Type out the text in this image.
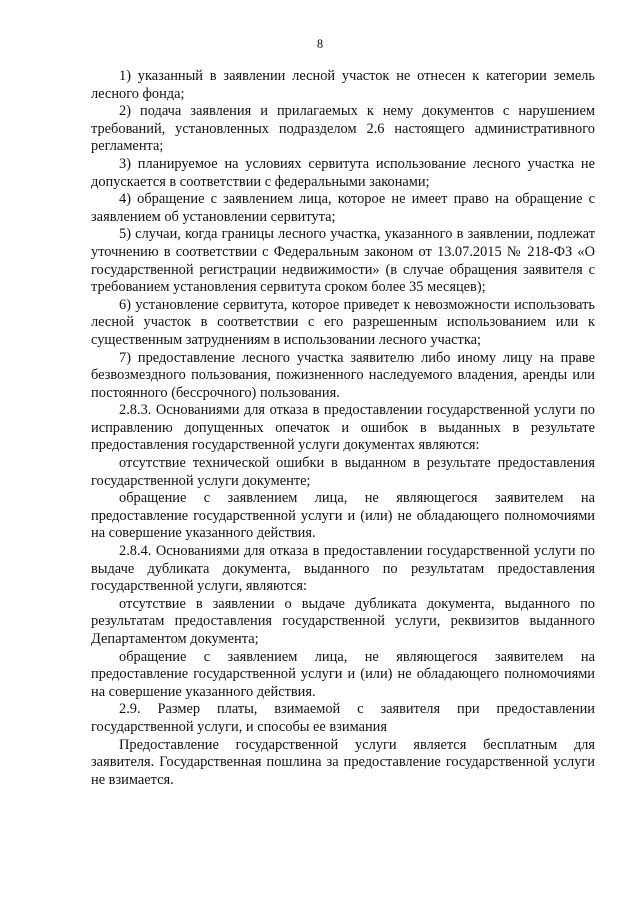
8

1) указанный в заявлении лесной участок не отнесен к категории земель лесного фонда;

2) подача заявления и прилагаемых к нему документов с нарушением требований, установленных подразделом 2.6 настоящего административного регламента;

3) планируемое на условиях сервитута использование лесного участка не допускается в соответствии с федеральными законами;

4) обращение с заявлением лица, которое не имеет право на обращение с заявлением об установлении сервитута;

5) случаи, когда границы лесного участка, указанного в заявлении, подлежат уточнению в соответствии с Федеральным законом от 13.07.2015 № 218-ФЗ «О государственной регистрации недвижимости» (в случае обращения заявителя с требованием установления сервитута сроком более 35 месяцев);

6) установление сервитута, которое приведет к невозможности использовать лесной участок в соответствии с его разрешенным использованием или к существенным затруднениям в использовании лесного участка;

7) предоставление лесного участка заявителю либо иному лицу на праве безвозмездного пользования, пожизненного наследуемого владения, аренды или постоянного (бессрочного) пользования.

2.8.3. Основаниями для отказа в предоставлении государственной услуги по исправлению допущенных опечаток и ошибок в выданных в результате предоставления государственной услуги документах являются:

отсутствие технической ошибки в выданном в результате предоставления государственной услуги документе;

обращение с заявлением лица, не являющегося заявителем на предоставление государственной услуги и (или) не обладающего полномочиями на совершение указанного действия.

2.8.4. Основаниями для отказа в предоставлении государственной услуги по выдаче дубликата документа, выданного по результатам предоставления государственной услуги, являются:

отсутствие в заявлении о выдаче дубликата документа, выданного по результатам предоставления государственной услуги, реквизитов выданного Департаментом документа;

обращение с заявлением лица, не являющегося заявителем на предоставление государственной услуги и (или) не обладающего полномочиями на совершение указанного действия.

2.9. Размер платы, взимаемой с заявителя при предоставлении государственной услуги, и способы ее взимания

Предоставление государственной услуги является бесплатным для заявителя. Государственная пошлина за предоставление государственной услуги не взимается.
